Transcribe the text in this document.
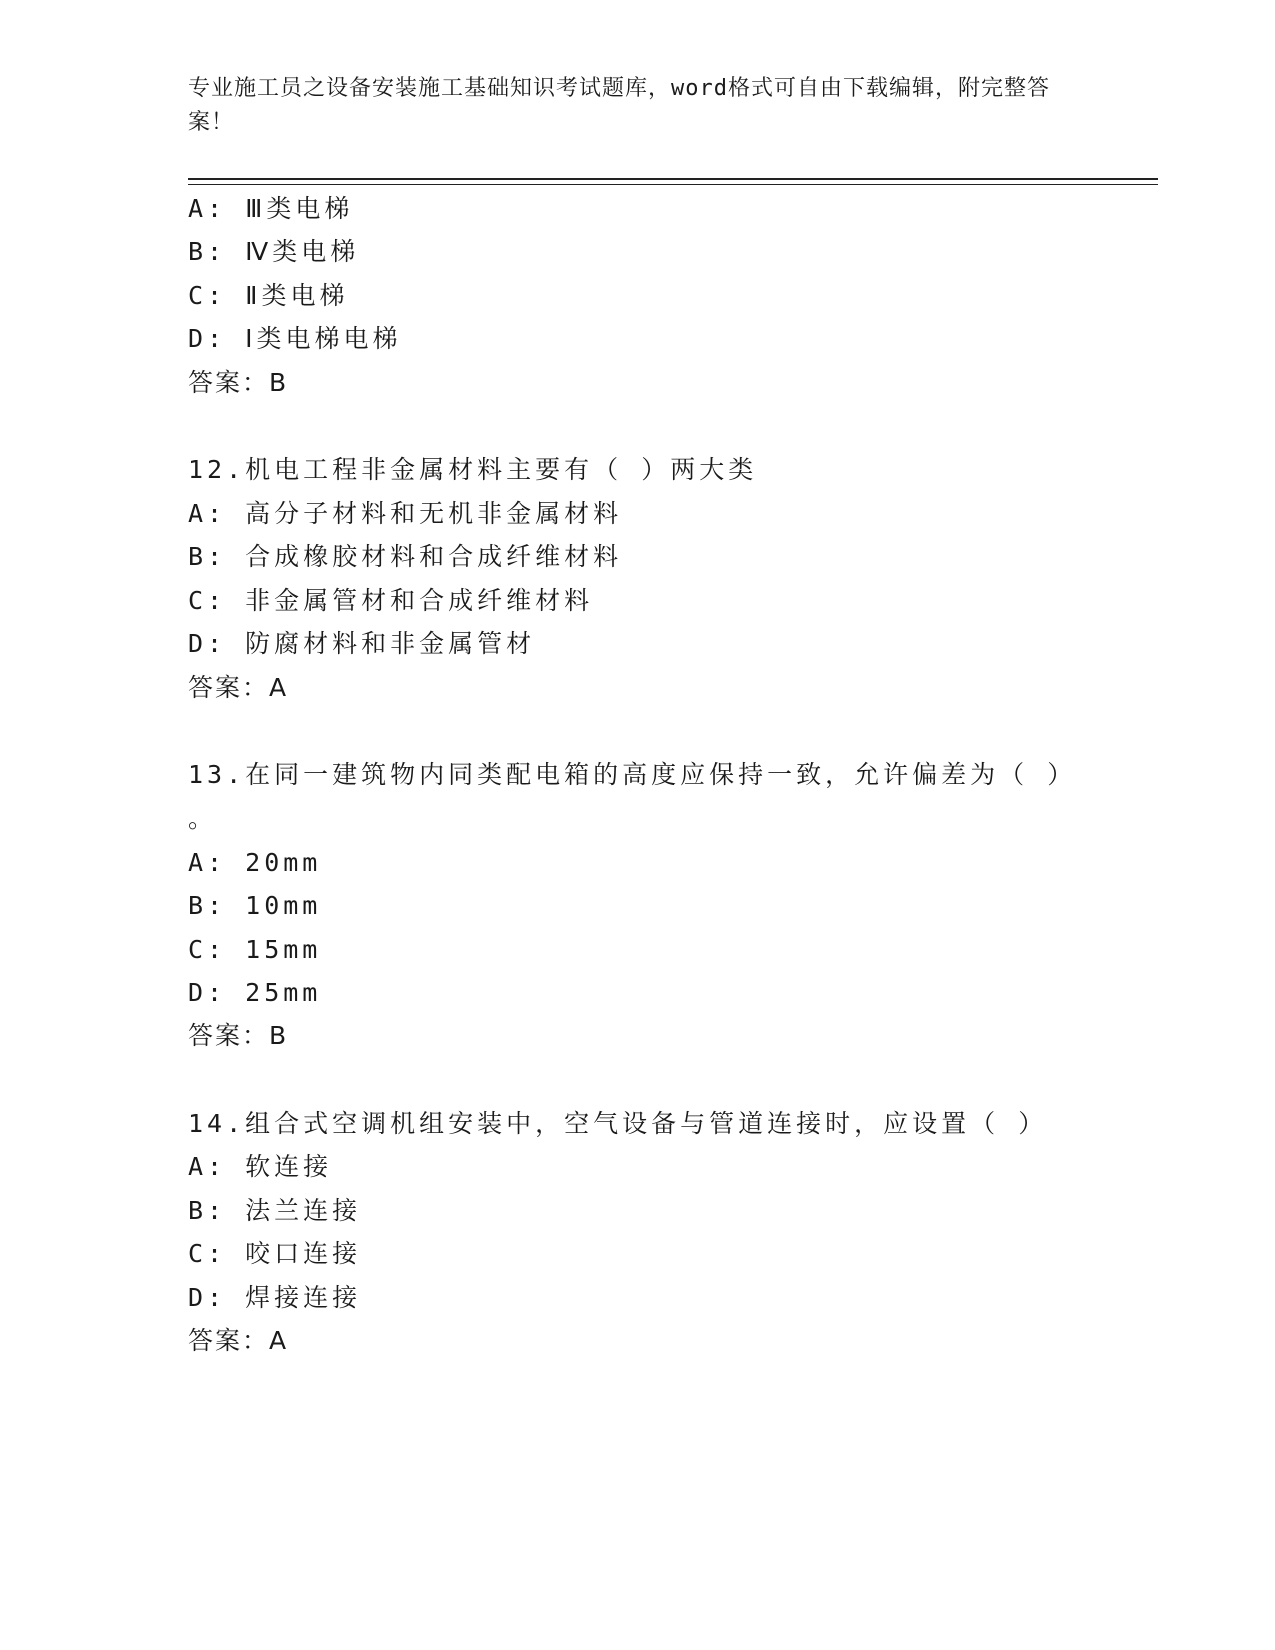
专业施工员之设备安装施工基础知识考试题库，word格式可自由下载编辑，附完整答案！
A: Ⅲ类电梯
B: Ⅳ类电梯
C: Ⅱ类电梯
D: Ⅰ类电梯电梯
答案：B
12.机电工程非金属材料主要有（ ）两大类
A: 高分子材料和无机非金属材料
B: 合成橡胶材料和合成纤维材料
C: 非金属管材和合成纤维材料
D: 防腐材料和非金属管材
答案：A
13.在同一建筑物内同类配电箱的高度应保持一致，允许偏差为（ ）
。
A: 20mm
B: 10mm
C: 15mm
D: 25mm
答案：B
14.组合式空调机组安装中，空气设备与管道连接时，应设置（ ）
A: 软连接
B: 法兰连接
C: 咬口连接
D: 焊接连接
答案：A
